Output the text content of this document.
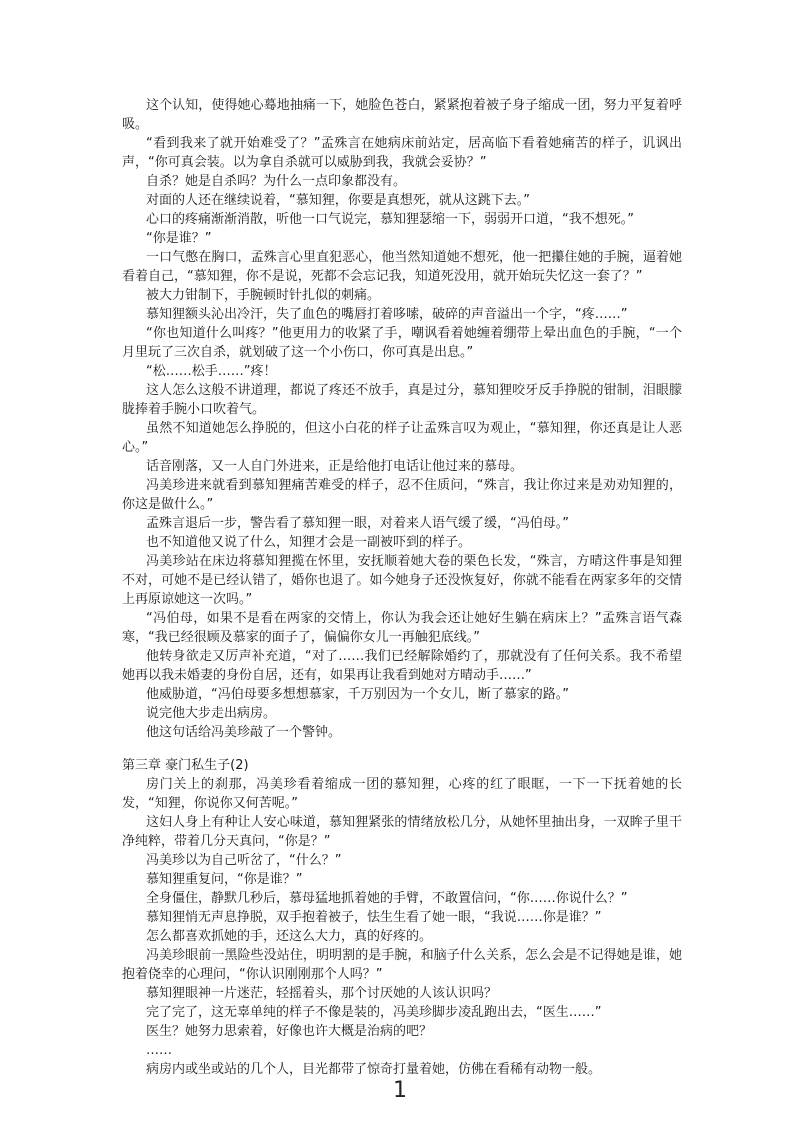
这个认知，使得她心蓦地抽痛一下，她脸色苍白，紧紧抱着被子身子缩成一团，努力平复着呼吸。

“看到我来了就开始难受了？”孟殊言在她病床前站定，居高临下看着她痛苦的样子，讥讽出声，“你可真会装。以为拿自杀就可以威胁到我，我就会妥协？”

自杀？她是自杀吗？为什么一点印象都没有。

对面的人还在继续说着，“慕知狸，你要是真想死，就从这跳下去。”

心口的疼痛渐渐消散，听他一口气说完，慕知狸瑟缩一下，弱弱开口道，“我不想死。”

“你是谁？”

一口气憋在胸口，孟殊言心里直犯恶心，他当然知道她不想死，他一把攥住她的手腕，逼着她看着自己，“慕知狸，你不是说，死都不会忘记我，知道死没用，就开始玩失忆这一套了？”

被大力钳制下，手腕顿时针扎似的刺痛。

慕知狸额头沁出冷汗，失了血色的嘴唇打着哆嗦，破碎的声音溢出一个字，“疼……”

“你也知道什么叫疼？”他更用力的收紧了手，嘲讽看着她缠着绷带上晕出血色的手腕，“一个月里玩了三次自杀，就划破了这一个小伤口，你可真是出息。”

“松……松手……”疼！

这人怎么这般不讲道理，都说了疼还不放手，真是过分，慕知狸咬牙反手挣脱的钳制，泪眼朦胧捧着手腕小口吹着气。

虽然不知道她怎么挣脱的，但这小白花的样子让孟殊言叹为观止，“慕知狸，你还真是让人恶心。”

话音刚落，又一人自门外进来，正是给他打电话让他过来的慕母。

冯美珍进来就看到慕知狸痛苦难受的样子，忍不住质问，“殊言，我让你过来是劝劝知狸的，你这是做什么。”

孟殊言退后一步，警告看了慕知狸一眼，对着来人语气缓了缓，“冯伯母。”

也不知道他又说了什么，知狸才会是一副被吓到的样子。

冯美珍站在床边将慕知狸揽在怀里，安抚顺着她大卷的栗色长发，“殊言，方晴这件事是知狸不对，可她不是已经认错了，婚你也退了。如今她身子还没恢复好，你就不能看在两家多年的交情上再原谅她这一次吗。”

“冯伯母，如果不是看在两家的交情上，你认为我会还让她好生躺在病床上？”孟殊言语气森寒，“我已经很顾及慕家的面子了，偏偏你女儿一再触犯底线。”

他转身欲走又厉声补充道，“对了……我们已经解除婚约了，那就没有了任何关系。我不希望她再以我未婚妻的身份自居，还有，如果再让我看到她对方晴动手……”

他威胁道，“冯伯母要多想想慕家，千万别因为一个女儿，断了慕家的路。”

说完他大步走出病房。

他这句话给冯美珍敲了一个警钟。

第三章 豪门私生子(2)

房门关上的刹那，冯美珍看着缩成一团的慕知狸，心疼的红了眼眶，一下一下抚着她的长发，“知狸，你说你又何苦呢。”

这妇人身上有种让人安心味道，慕知狸紧张的情绪放松几分，从她怀里抽出身，一双眸子里干净纯粹，带着几分天真问，“你是？”

冯美珍以为自己听岔了，“什么？”

慕知狸重复问，“你是谁？”

全身僵住，静默几秒后，慕母猛地抓着她的手臂，不敢置信问，“你……你说什么？”

慕知狸悄无声息挣脱，双手抱着被子，怯生生看了她一眼，“我说……你是谁？”

怎么都喜欢抓她的手，还这么大力，真的好疼的。

冯美珍眼前一黑险些没站住，明明割的是手腕，和脑子什么关系，怎么会是不记得她是谁，她抱着侥幸的心理问，“你认识刚刚那个人吗？”

慕知狸眼神一片迷茫，轻摇着头，那个讨厌她的人该认识吗？

完了完了，这无辜单纯的样子不像是装的，冯美珍脚步凌乱跑出去，“医生……”

医生？她努力思索着，好像也许大概是治病的吧？

……

病房内或坐或站的几个人，目光都带了惊奇打量着她，仿佛在看稀有动物一般。

1
